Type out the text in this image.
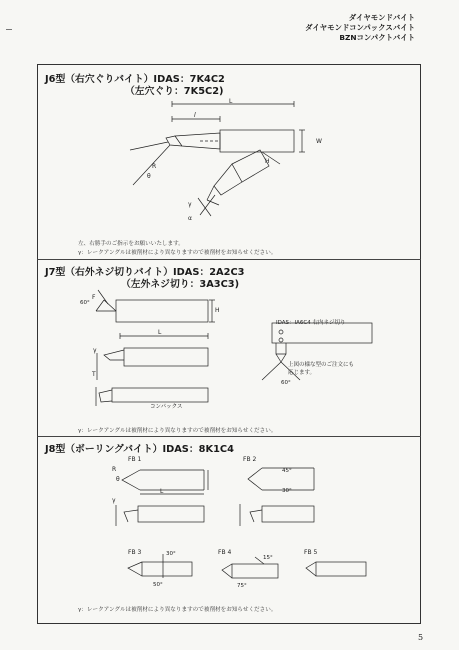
ダイヤモンドバイト
ダイヤモンドコンパックスバイト
BZNコンパクトバイト
J6型（右穴ぐりバイト）IDAS：7K4C2
（左穴ぐり：7K5C2)
L
l
W
R
θ
H
γ
α
左、右勝手のご指示をお願いいたします。
γ：レークアングルは被削材により異なりますので被削材をお知らせください。
J7型（右外ネジ切りバイト）IDAS：2A2C3
（左外ネジ切り：3A3C3)
60°
F
H
L
γ
T
IDAS：IA6C4 右内ネジ切り
上図の様な型のご注文にも
応じます。
60°
コンパックス
γ：レークアングルは被削材により異なりますので被削材をお知らせください。
J8型（ボーリングバイト）IDAS：8K1C4
FB 1	FB 2
R
θ
L
γ
45°
30°
FB 3	FB 4	FB 5
30°
50°
15°
75°
γ：レークアングルは被削材により異なりますので被削材をお知らせください。
5
